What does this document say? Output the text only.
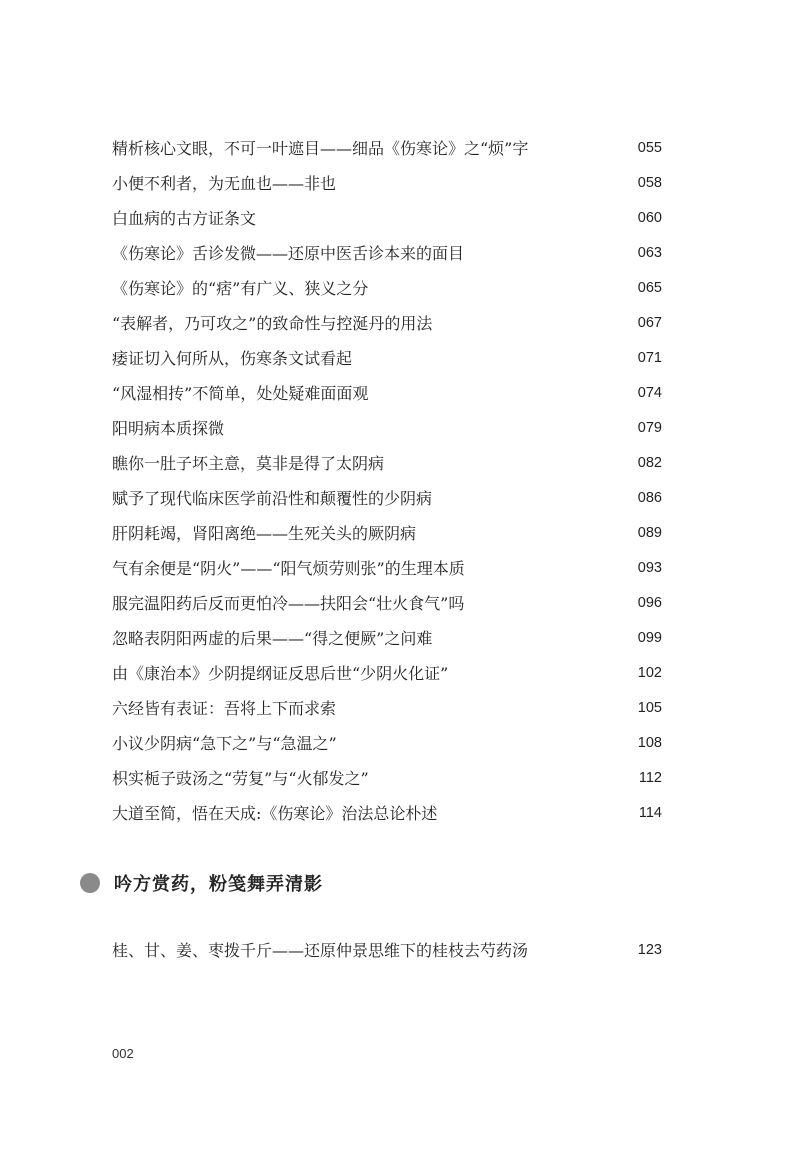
精析核心文眼，不可一叶遮目——细品《伤寒论》之“烦”字	055
小便不利者，为无血也——非也	058
白血病的古方证条文	060
《伤寒论》舌诊发微——还原中医舌诊本来的面目	063
《伤寒论》的“痞”有广义、狭义之分	065
“表解者，乃可攻之”的致命性与控涎丹的用法	067
痿证切入何所从，伤寒条文试看起	071
“风湿相抟”不简单，处处疑难面面观	074
阳明病本质探微	079
瞧你一肚子坏主意，莫非是得了太阴病	082
赋予了现代临床医学前沿性和颠覆性的少阴病	086
肝阴耗竭，肾阳离绝——生死关头的厥阴病	089
气有余便是“阴火”——“阳气烦劳则张”的生理本质	093
服完温阳药后反而更怕冷——扶阳会“壮火食气”吗	096
忽略表阴阳两虚的后果——“得之便厥”之问难	099
由《康治本》少阴提纲证反思后世“少阴火化证”	102
六经皆有表证：吾将上下而求索	105
小议少阴病“急下之”与“急温之”	108
枳实栀子豉汤之“劳复”与“火郁发之”	112
大道至简，悟在天成:《伤寒论》治法总论朴述	114
吟方赏药，粉笺舞弄清影
桂、甘、姜、枣拨千斤——还原仲景思维下的桂枝去芍药汤	123
002
